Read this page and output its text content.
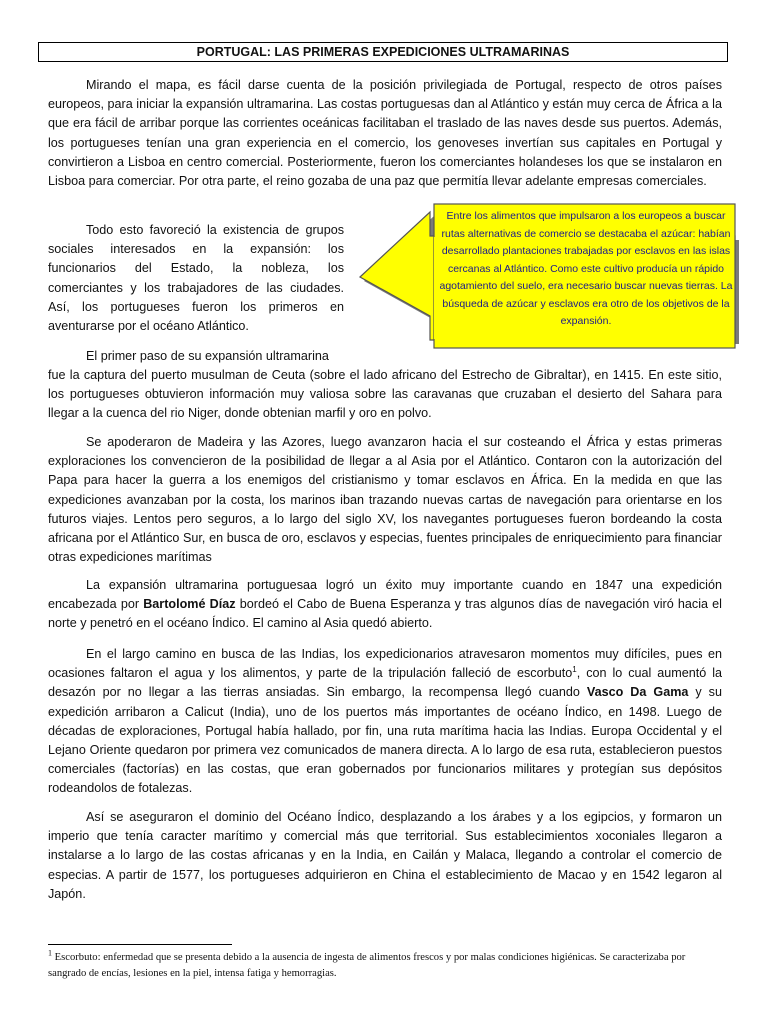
PORTUGAL: LAS PRIMERAS EXPEDICIONES ULTRAMARINAS

Mirando el mapa, es fácil darse cuenta de la posición privilegiada de Portugal, respecto de otros países europeos, para iniciar la expansión ultramarina. Las costas portuguesas dan al Atlántico y están muy cerca de África a la que era fácil de arribar porque las corrientes oceánicas facilitaban el traslado de las naves desde sus puertos. Además, los portugueses tenían una gran experiencia en el comercio, los genoveses invertían sus capitales en Portugal y convirtieron a Lisboa en centro comercial. Posteriormente, fueron los comerciantes holandeses los que se instalaron en Lisboa para comerciar. Por otra parte, el reino gozaba de una paz que permitía llevar adelante empresas comerciales.

Todo esto favoreció la existencia de grupos sociales interesados en la expansión: los funcionarios del Estado, la nobleza, los comerciantes y los trabajadores de las ciudades. Así, los portugueses fueron los primeros en aventurarse por el océano Atlántico.

Entre los alimentos que impulsaron a los europeos a buscar rutas alternativas de comercio se destacaba el azúcar: habían desarrollado plantaciones trabajadas por esclavos en las islas cercanas al Atlántico. Como este cultivo producía un rápido agotamiento del suelo, era necesario buscar nuevas tierras. La búsqueda de azúcar y esclavos era otro de los objetivos de la expansión.

El primer paso de su expansión ultramarina

fue la captura del puerto musulman de Ceuta (sobre el lado africano del Estrecho de Gibraltar), en 1415. En este sitio, los portugueses obtuvieron información muy valiosa sobre las caravanas que cruzaban el desierto del Sahara para llegar a la cuenca del rio Niger, donde obtenian marfil y oro en polvo.

Se apoderaron de Madeira y las Azores, luego avanzaron hacia el sur costeando el África y estas primeras exploraciones los convencieron de la posibilidad de llegar a al Asia por el Atlántico. Contaron con la autorización del Papa para hacer la guerra a los enemigos del cristianismo y tomar esclavos en África. En la medida en que las expediciones avanzaban por la costa, los marinos iban trazando nuevas cartas de navegación para orientarse en los futuros viajes. Lentos pero seguros, a lo largo del siglo XV, los navegantes portugueses fueron bordeando la costa africana por el Atlántico Sur, en busca de oro, esclavos y especias, fuentes principales de enriquecimiento para financiar otras expediciones marítimas

La expansión ultramarina portuguesaa logró un éxito muy importante cuando en 1847 una expedición encabezada por Bartolomé Díaz bordeó el Cabo de Buena Esperanza y tras algunos días de navegación viró hacia el norte y penetró en el océano Índico. El camino al Asia quedó abierto.

En el largo camino en busca de las Indias, los expedicionarios atravesaron momentos muy difíciles, pues en ocasiones faltaron el agua y los alimentos, y parte de la tripulación falleció de escorbuto$^1$, con lo cual aumentó la desazón por no llegar a las tierras ansiadas. Sin embargo, la recompensa llegó cuando Vasco Da Gama y su expedición arribaron a Calicut (India), uno de los puertos más importantes de océano Índico, en 1498. Luego de décadas de exploraciones, Portugal había hallado, por fin, una ruta marítima hacia las Indias. Europa Occidental y el Lejano Oriente quedaron por primera vez comunicados de manera directa. A lo largo de esa ruta, establecieron puestos comerciales (factorías) en las costas, que eran gobernados por funcionarios militares y protegían sus depósitos rodeandolos de fotalezas.

Así se aseguraron el dominio del Océano Índico, desplazando a los árabes y a los egipcios, y formaron un imperio que tenía caracter marítimo y comercial más que territorial. Sus establecimientos xoconiales llegaron a instalarse a lo largo de las costas africanas y en la India, en Cailán y Malaca, llegando a controlar el comercio de especias. A partir de 1577, los portugueses adquirieron en China el establecimiento de Macao y en 1542 legaron al Japón.

$^1$ Escorbuto: enfermedad que se presenta debido a la ausencia de ingesta de alimentos frescos y por malas condiciones higiénicas. Se caracterizaba por sangrado de encías, lesiones en la piel, intensa fatiga y hemorragias.
